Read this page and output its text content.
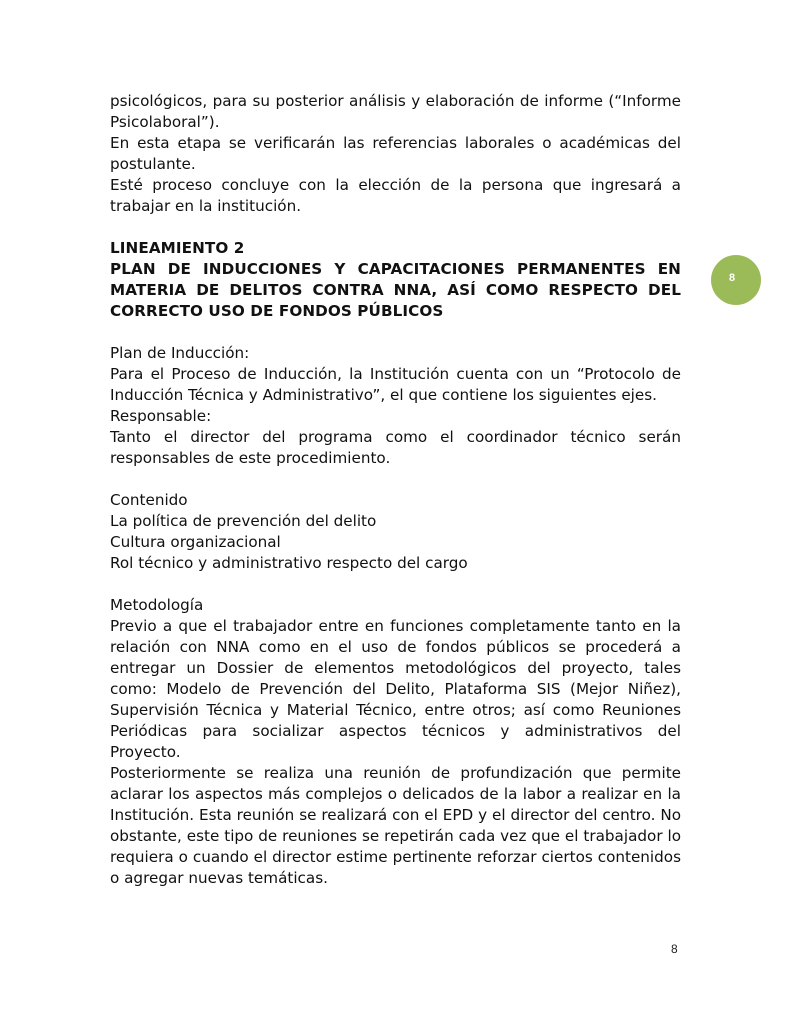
8

psicológicos, para su posterior análisis y elaboración de informe (“Informe Psicolaboral”).

En esta etapa se verificarán las referencias laborales o académicas del postulante.

Esté proceso concluye con la elección de la persona que ingresará a trabajar en la institución.

LINEAMIENTO 2

PLAN DE INDUCCIONES Y CAPACITACIONES PERMANENTES EN MATERIA DE DELITOS CONTRA NNA, ASÍ COMO RESPECTO DEL CORRECTO USO DE FONDOS PÚBLICOS

Plan de Inducción:

Para el Proceso de Inducción, la Institución cuenta con un “Protocolo de Inducción Técnica y Administrativo”, el que contiene los siguientes ejes.

Responsable:

Tanto el director del programa como el coordinador técnico serán responsables de este procedimiento.

Contenido

La política de prevención del delito

Cultura organizacional

Rol técnico y administrativo respecto del cargo

Metodología

Previo a que el trabajador entre en funciones completamente tanto en la relación con NNA como en el uso de fondos públicos se procederá a entregar un Dossier de elementos metodológicos del proyecto, tales como: Modelo de Prevención del Delito, Plataforma SIS (Mejor Niñez), Supervisión Técnica y Material Técnico, entre otros; así como Reuniones Periódicas para socializar aspectos técnicos y administrativos del Proyecto.

Posteriormente se realiza una reunión de profundización que permite aclarar los aspectos más complejos o delicados de la labor a realizar en la Institución. Esta reunión se realizará con el EPD y el director del centro. No obstante, este tipo de reuniones se repetirán cada vez que el trabajador lo requiera o cuando el director estime pertinente reforzar ciertos contenidos o agregar nuevas temáticas.

8
